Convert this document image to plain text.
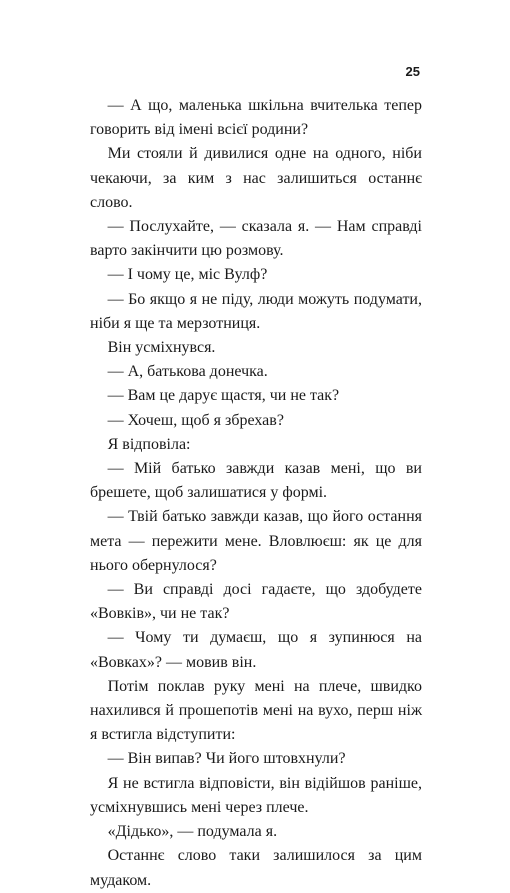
25

— А що, маленька шкільна вчителька тепер говорить від імені всієї родини?

Ми стояли й дивилися одне на одного, ніби чекаючи, за ким з нас залишиться останнє слово.

— Послухайте, — сказала я. — Нам справді варто закінчити цю розмову.

— І чому це, міс Вулф?

— Бо якщо я не піду, люди можуть подумати, ніби я ще та мерзотниця.

Він усміхнувся.

— А, батькова донечка.

— Вам це дарує щастя, чи не так?

— Хочеш, щоб я збрехав?

Я відповіла:

— Мій батько завжди казав мені, що ви брешете, щоб залишатися у формі.

— Твій батько завжди казав, що його остання мета — пережити мене. Вловлюєш: як це для нього обернулося?

— Ви справді досі гадаєте, що здобудете «Вовків», чи не так?

— Чому ти думаєш, що я зупинюся на «Вовках»? — мовив він.

Потім поклав руку мені на плече, швидко нахилився й прошепотів мені на вухо, перш ніж я встигла відступити:

— Він випав? Чи його штовхнули?

Я не встигла відповісти, він відійшов раніше, усміхнувшись мені через плече.

«Дідько», — подумала я.

Останнє слово таки залишилося за цим мудаком.
